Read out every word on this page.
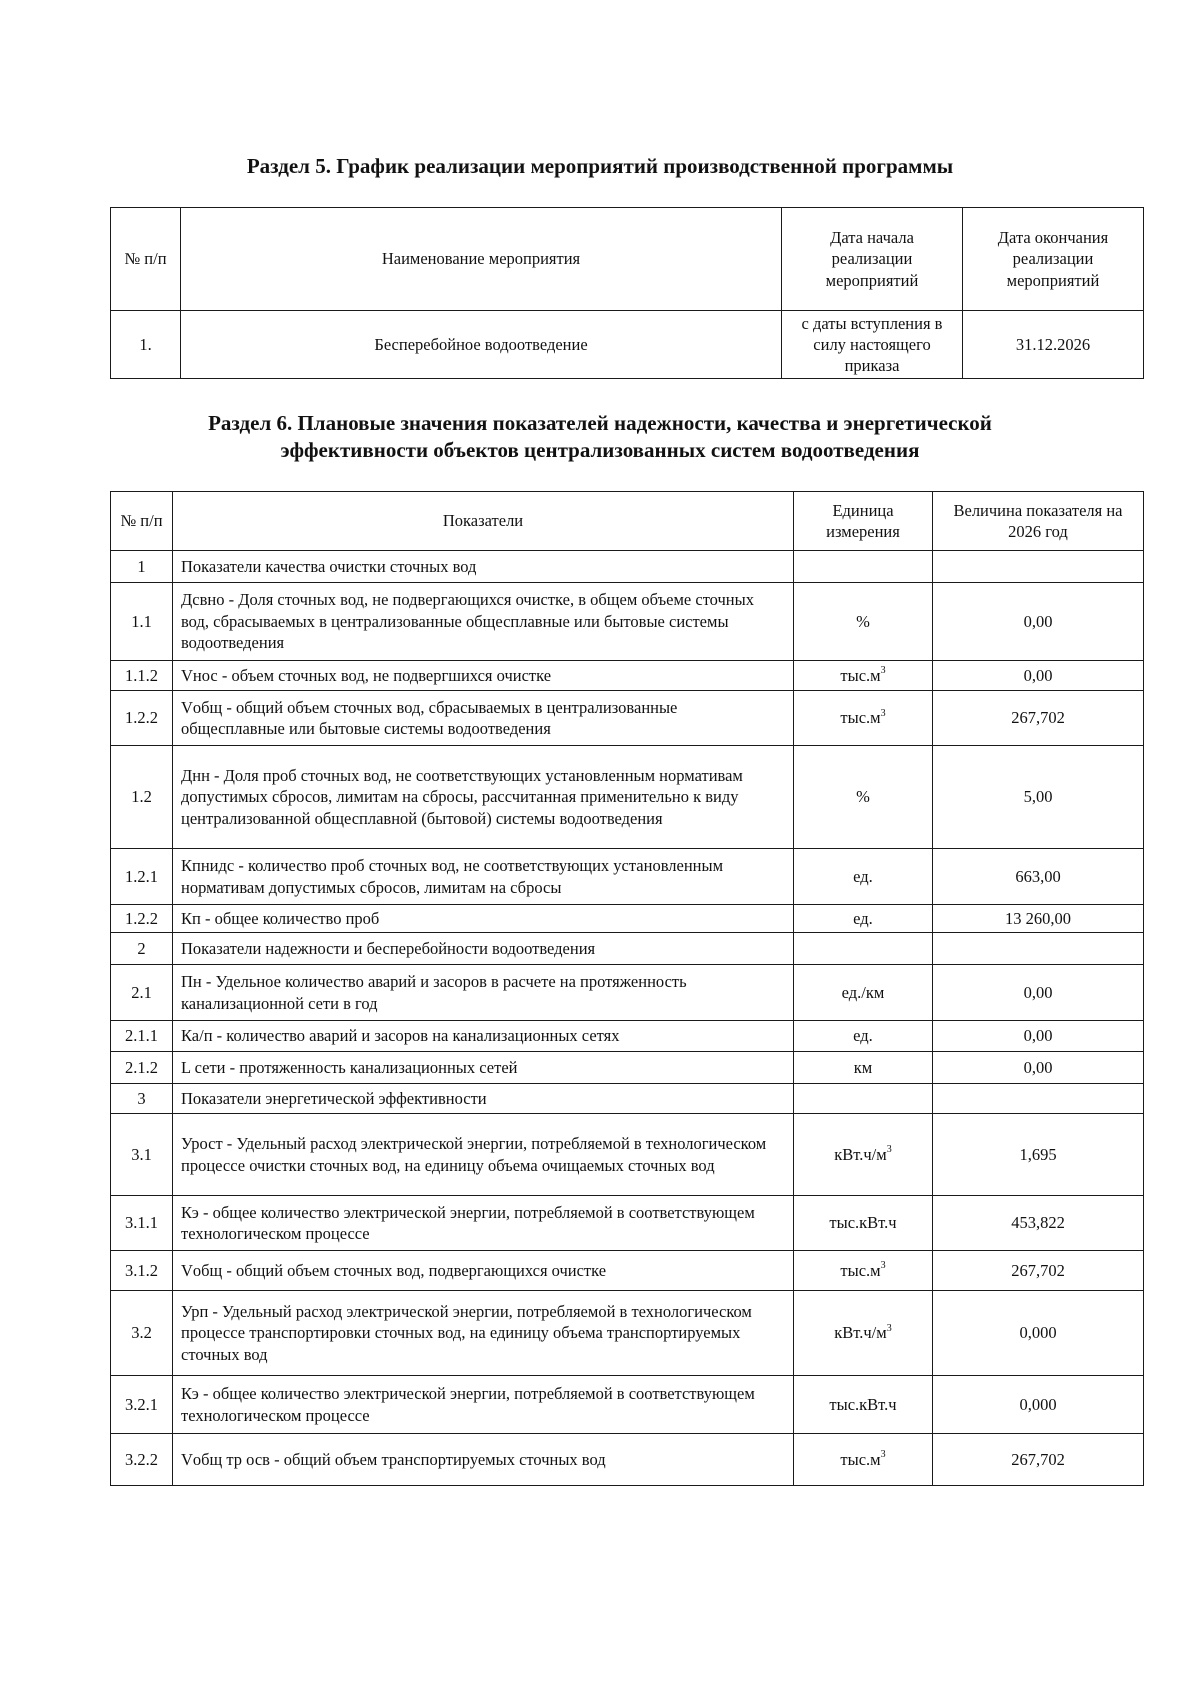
Раздел 5. График реализации мероприятий производственной программы
№ п/п	Наименование мероприятия	Дата начала реализации мероприятий	Дата окончания реализации мероприятий
1.	Бесперебойное водоотведение	с даты вступления в силу настоящего приказа	31.12.2026
Раздел 6. Плановые значения показателей надежности, качества и энергетической
эффективности объектов централизованных систем водоотведения
№ п/п	Показатели	Единица измерения	Величина показателя на 2026 год
1	Показатели качества очистки сточных вод		
1.1	Дсвно - Доля сточных вод, не подвергающихся очистке, в общем объеме сточных вод, сбрасываемых в централизованные общесплавные или бытовые системы водоотведения	%	0,00
1.1.2	Vнос - объем сточных вод, не подвергшихся очистке	$тыс.м^3$	0,00
1.2.2	Vобщ - общий объем сточных вод, сбрасываемых в централизованные общесплавные или бытовые системы водоотведения	$тыс.м^3$	267,702
1.2	Днн - Доля проб сточных вод, не соответствующих установленным нормативам допустимых сбросов, лимитам на сбросы, рассчитанная применительно к виду централизованной общесплавной (бытовой) системы водоотведения	%	5,00
1.2.1	Кпнидс - количество проб сточных вод, не соответствующих установленным нормативам допустимых сбросов, лимитам на сбросы	ед.	663,00
1.2.2	Кп - общее количество проб	ед.	13 260,00
2	Показатели надежности и бесперебойности водоотведения		
2.1	Пн - Удельное количество аварий и засоров в расчете на протяженность канализационной сети в год	ед./км	0,00
2.1.1	Ка/п - количество аварий и засоров на канализационных сетях	ед.	0,00
2.1.2	L сети - протяженность канализационных сетей	км	0,00
3	Показатели энергетической эффективности		
3.1	Урост - Удельный расход электрической энергии, потребляемой в технологическом процессе очистки сточных вод, на единицу объема очищаемых сточных вод	$кВт.ч/м^3$	1,695
3.1.1	Кэ - общее количество электрической энергии, потребляемой в соответствующем технологическом процессе	тыс.кВт.ч	453,822
3.1.2	Vобщ - общий объем сточных вод, подвергающихся очистке	$тыс.м^3$	267,702
3.2	Урп - Удельный расход электрической энергии, потребляемой в технологическом процессе транспортировки сточных вод, на единицу объема транспортируемых сточных вод	$кВт.ч/м^3$	0,000
3.2.1	Кэ - общее количество электрической энергии, потребляемой в соответствующем технологическом процессе	тыс.кВт.ч	0,000
3.2.2	Vобщ тр осв - общий объем транспортируемых сточных вод	$тыс.м^3$	267,702
